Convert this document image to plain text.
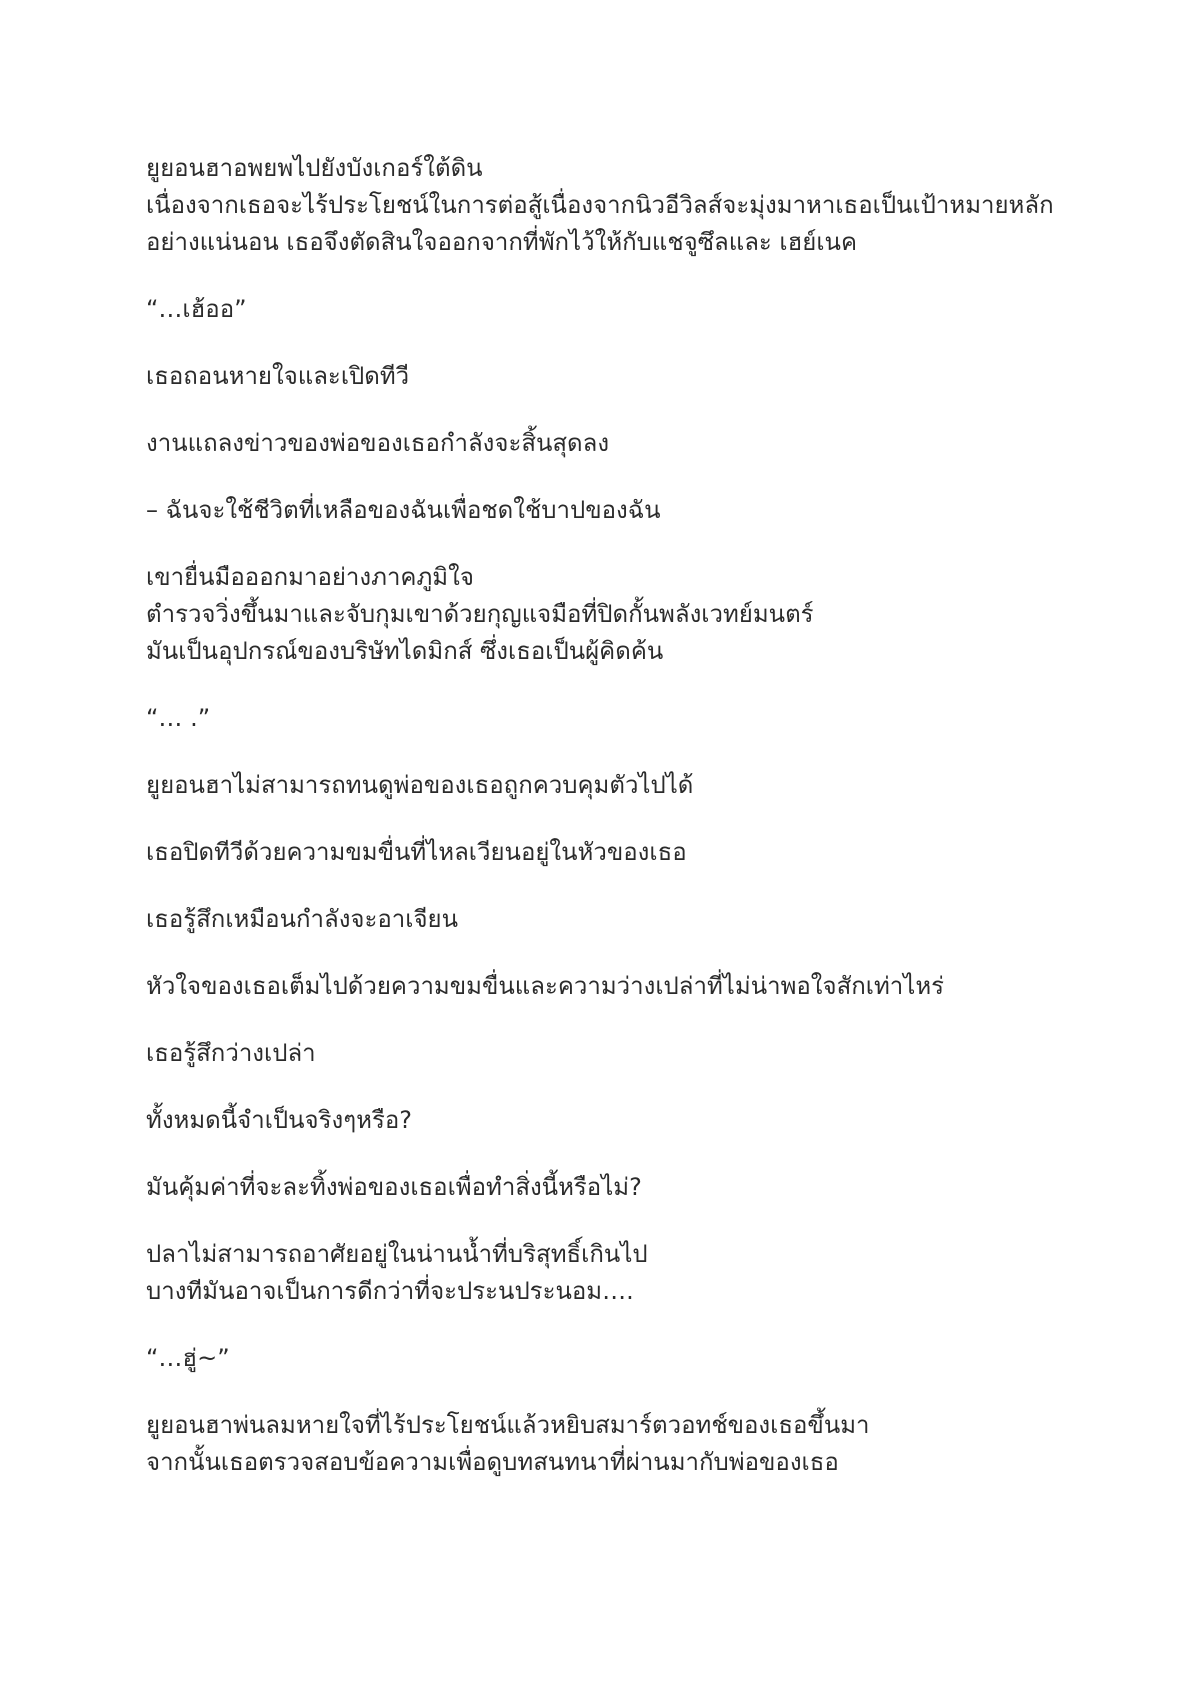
ยูยอนฮาอพยพไปยังบังเกอร์ใต้ดิน
เนื่องจากเธอจะไร้ประโยชน์ในการต่อสู้เนื่องจากนิวอีวิลส์จะมุ่งมาหาเธอเป็นเป้าหมายหลัก
อย่างแน่นอน เธอจึงตัดสินใจออกจากที่พักไว้ให้กับแชจูซึลและ เฮย์เนค
“…เฮ้ออ”
เธอถอนหายใจและเปิดทีวี
งานแถลงข่าวของพ่อของเธอกำลังจะสิ้นสุดลง
– ฉันจะใช้ชีวิตที่เหลือของฉันเพื่อชดใช้บาปของฉัน
เขายื่นมือออกมาอย่างภาคภูมิใจ
ตำรวจวิ่งขึ้นมาและจับกุมเขาด้วยกุญแจมือที่ปิดกั้นพลังเวทย์มนตร์
มันเป็นอุปกรณ์ของบริษัทไดมิกส์ ซึ่งเธอเป็นผู้คิดค้น
“… .”
ยูยอนฮาไม่สามารถทนดูพ่อของเธอถูกควบคุมตัวไปได้
เธอปิดทีวีด้วยความขมขื่นที่ไหลเวียนอยู่ในหัวของเธอ
เธอรู้สึกเหมือนกำลังจะอาเจียน
หัวใจของเธอเต็มไปด้วยความขมขื่นและความว่างเปล่าที่ไม่น่าพอใจสักเท่าไหร่
เธอรู้สึกว่างเปล่า
ทั้งหมดนี้จำเป็นจริงๆหรือ?
มันคุ้มค่าที่จะละทิ้งพ่อของเธอเพื่อทำสิ่งนี้หรือไม่?
ปลาไม่สามารถอาศัยอยู่ในน่านน้ำที่บริสุทธิ์เกินไป
บางทีมันอาจเป็นการดีกว่าที่จะประนประนอม….
“…ฮู่~”
ยูยอนฮาพ่นลมหายใจที่ไร้ประโยชน์แล้วหยิบสมาร์ตวอทช์ของเธอขึ้นมา
จากนั้นเธอตรวจสอบข้อความเพื่อดูบทสนทนาที่ผ่านมากับพ่อของเธอ
